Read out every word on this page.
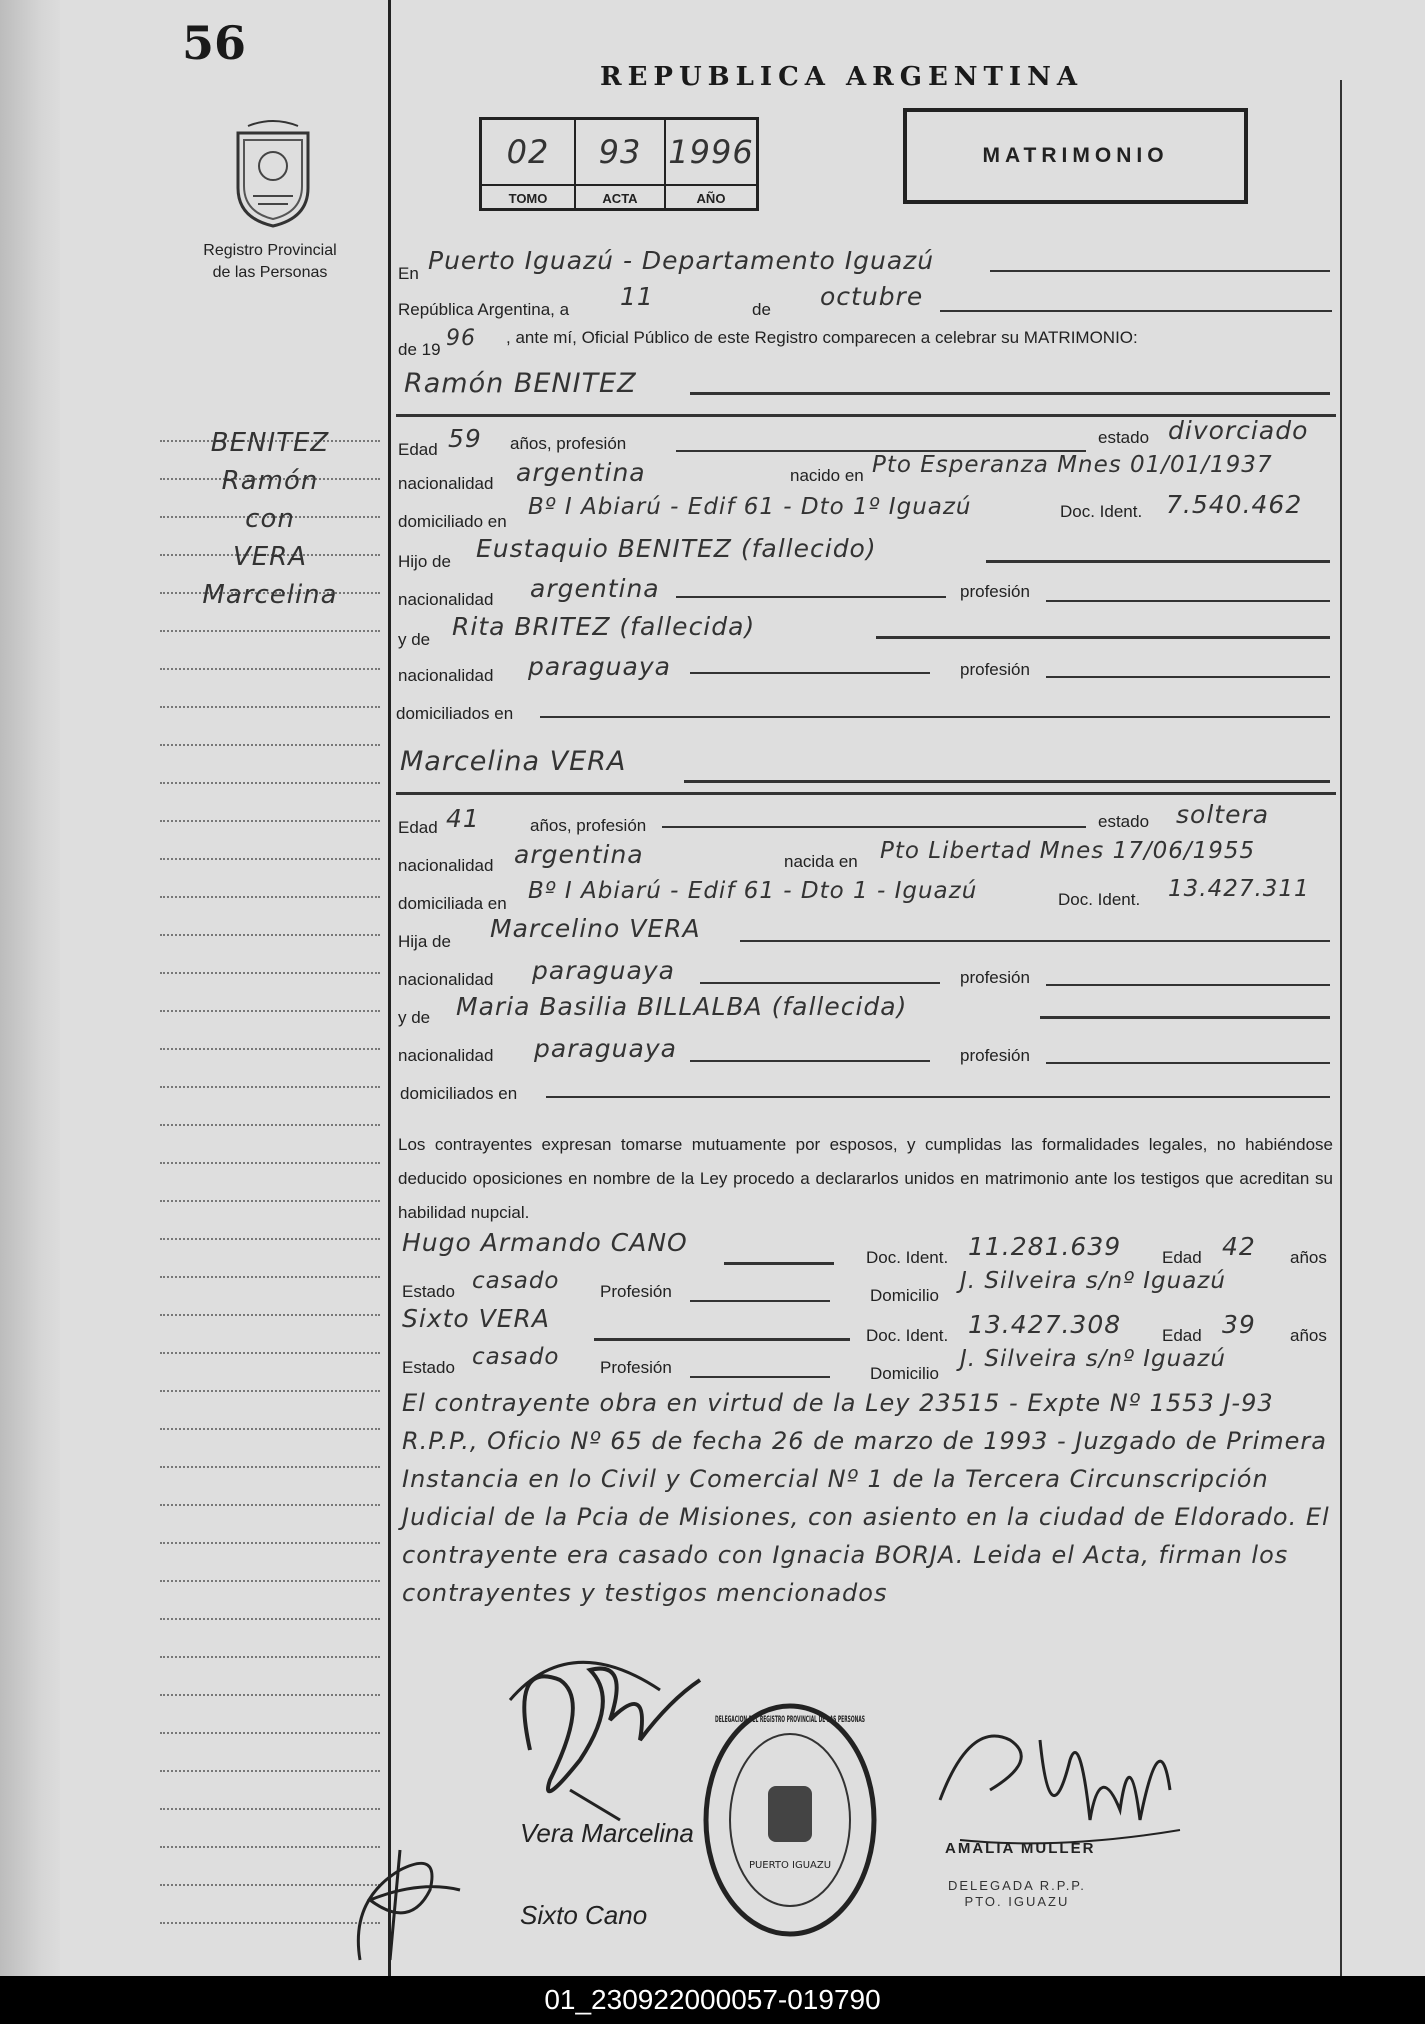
56
Registro Provincial
de las Personas
BENITEZ
Ramón
con
VERA
Marcelina
REPUBLICA ARGENTINA
02	93 1996
TOMO	ACTA	AÑO
MATRIMONIO
En Puerto Iguazú - Departamento Iguazú
República Argentina, a 11	de octubre
de 19 96 , ante mí, Oficial Público de este Registro comparecen a celebrar su MATRIMONIO:
Ramón BENITEZ
Edad 59 años, profesión	estado divorciado
nacionalidad argentina	nacido en Pto Esperanza Mnes 01/01/1937
domiciliado en
Bº I Abiarú - Edif 61 - Dto 1º Iguazú	Doc. Ident. 7.540.462
Hijo de Eustaquio BENITEZ (fallecido)
nacionalidad argentina	profesión
y de Rita BRITEZ (fallecida)
nacionalidad paraguaya	profesión
domiciliados en
Marcelina VERA
Edad 41	años, profesión	estado soltera
nacionalidad argentina	nacida en Pto Libertad Mnes 17/06/1955
domiciliada en Bº I Abiarú - Edif 61 - Dto 1 - Iguazú	Doc. Ident. 13.427.311
Hija de Marcelino VERA
nacionalidad paraguaya	profesión
y de Maria Basilia BILLALBA (fallecida)
nacionalidad paraguaya	profesión
domiciliados en
Los contrayentes expresan tomarse mutuamente por esposos, y cumplidas las formalidades legales, no habiéndose deducido oposiciones en nombre de la Ley procedo a declararlos unidos en matrimonio ante los testigos que acreditan su habilidad nupcial.
Hugo Armando CANO
Doc. Ident. 11.281.639 Edad 42 años
Estado casado Profesión	Domicilio
J. Silveira s/nº Iguazú
Sixto VERA
Doc. Ident. 13.427.308 Edad 39 años
Estado casado Profesión	Domicilio
J. Silveira s/nº Iguazú
El contrayente obra en virtud de la Ley 23515 - Expte Nº 1553 J-93 R.P.P., Oficio Nº 65 de fecha 26 de marzo de 1993 - Juzgado de Primera Instancia en lo Civil y Comercial Nº 1 de la Tercera Circunscripción Judicial de la Pcia de Misiones, con asiento en la ciudad de Eldorado. El contrayente era casado con Ignacia BORJA. Leida el Acta, firman los contrayentes y testigos mencionados
Vera Marcelina
Sixto Cano
PUERTO IGUAZU
DELEGACION DEL REGISTRO PROVINCIAL DE LAS PERSONAS
AMALIA MULLER
DELEGADA R.P.P.
PTO. IGUAZU
01_230922000057-019790
